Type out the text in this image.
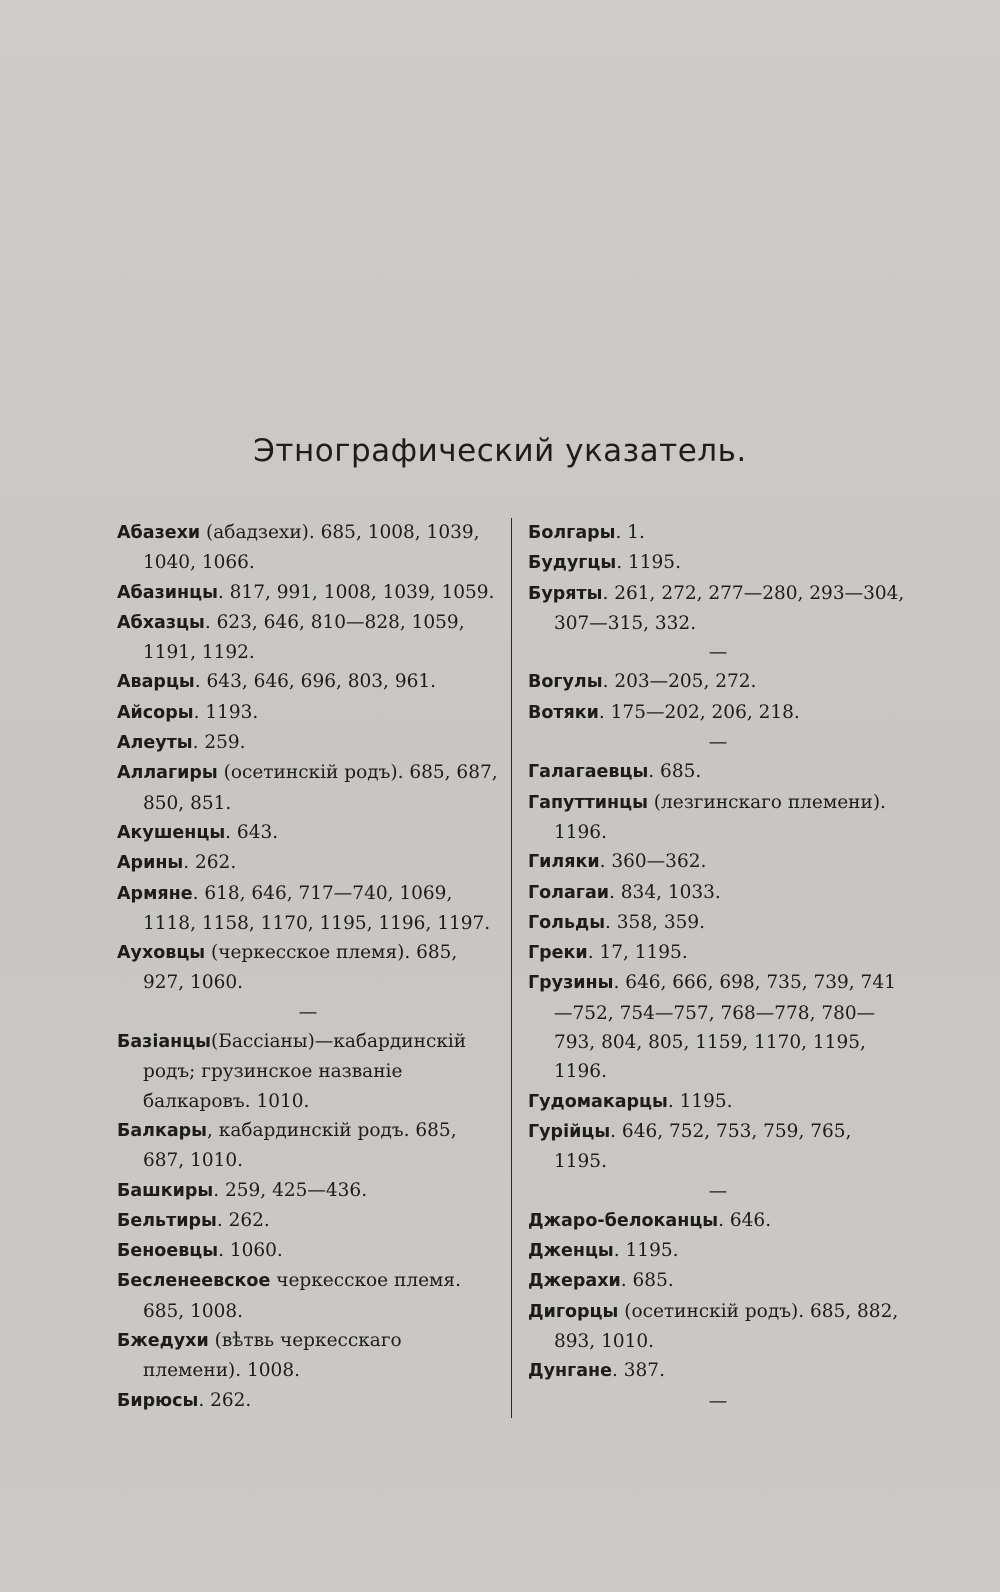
Этнографический указатель.
Абазехи (абадзехи). 685, 1008, 1039, 1040, 1066.
Абазинцы. 817, 991, 1008, 1039, 1059.
Абхазцы. 623, 646, 810—828, 1059, 1191, 1192.
Аварцы. 643, 646, 696, 803, 961.
Айсоры. 1193.
Алеуты. 259.
Аллагиры (осетинскій родъ). 685, 687, 850, 851.
Акушенцы. 643.
Арины. 262.
Армяне. 618, 646, 717—740, 1069, 1118, 1158, 1170, 1195, 1196, 1197.
Ауховцы (черкесское племя). 685, 927, 1060.
—
Базіанцы(Бассіаны)—кабардинскій родъ; грузинское названіе балкаровъ. 1010.
Балкары, кабардинскій родъ. 685, 687, 1010.
Башкиры. 259, 425—436.
Бельтиры. 262.
Беноевцы. 1060.
Бесленеевское черкесское племя. 685, 1008.
Бжедухи (вѣтвь черкесскаго племени). 1008.
Бирюсы. 262.
Болгары. 1.
Будугцы. 1195.
Буряты. 261, 272, 277—280, 293—304, 307—315, 332.
—
Вогулы. 203—205, 272.
Вотяки. 175—202, 206, 218.
—
Галагаевцы. 685.
Гапуттинцы (лезгинскаго племени). 1196.
Гиляки. 360—362.
Голагаи. 834, 1033.
Гольды. 358, 359.
Греки. 17, 1195.
Грузины. 646, 666, 698, 735, 739, 741—752, 754—757, 768—778, 780—793, 804, 805, 1159, 1170, 1195, 1196.
Гудомакарцы. 1195.
Гурійцы. 646, 752, 753, 759, 765, 1195.
—
Джаро-белоканцы. 646.
Дженцы. 1195.
Джерахи. 685.
Дигорцы (осетинскій родъ). 685, 882, 893, 1010.
Дунгане. 387.
—
